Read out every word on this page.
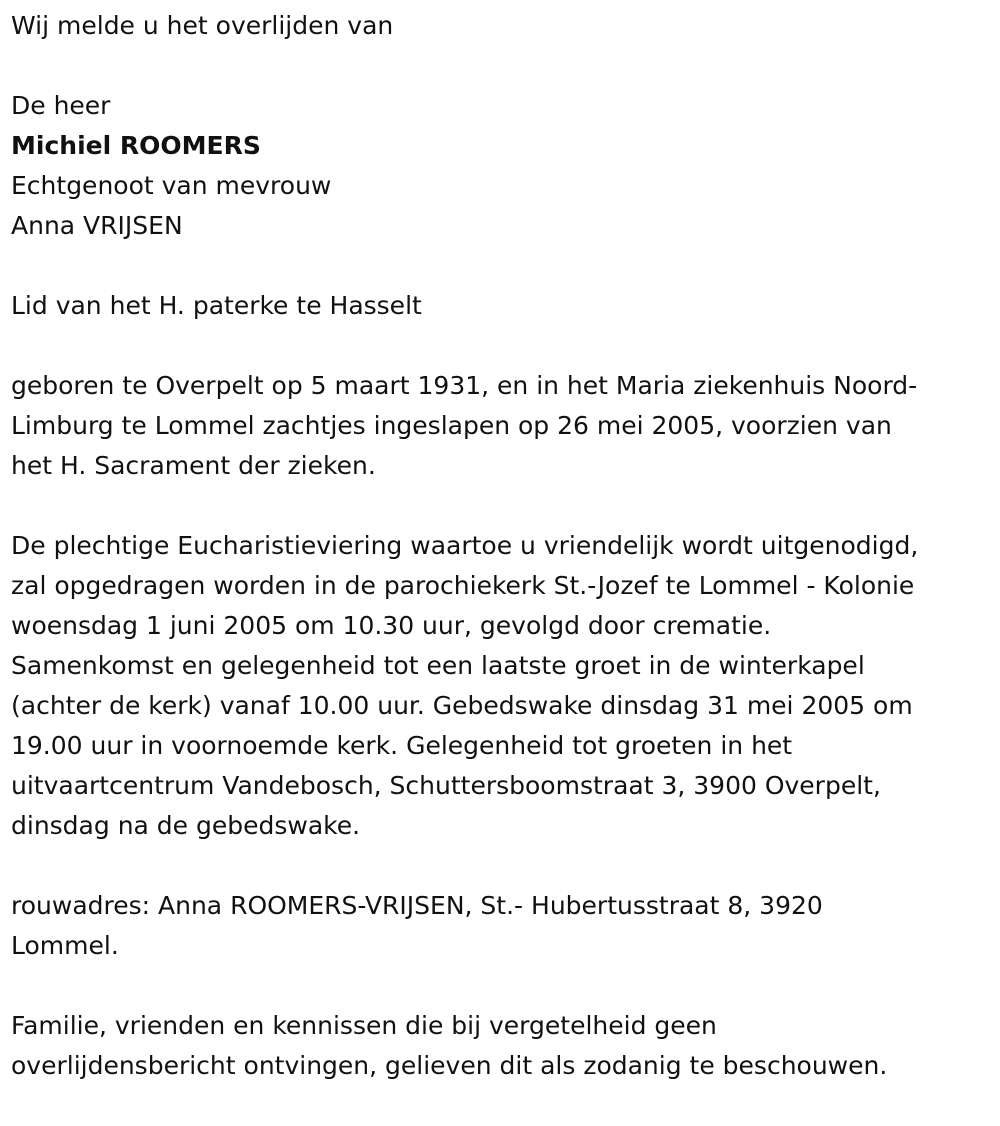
Wij melde u het overlijden van

De heer

Michiel ROOMERS

Echtgenoot van mevrouw

Anna VRIJSEN

Lid van het H. paterke te Hasselt

geboren te Overpelt op 5 maart 1931, en in het Maria ziekenhuis Noord-

Limburg te Lommel zachtjes ingeslapen op 26 mei 2005, voorzien van

het H. Sacrament der zieken.

De plechtige Eucharistieviering waartoe u vriendelijk wordt uitgenodigd,

zal opgedragen worden in de parochiekerk St.-Jozef te Lommel - Kolonie

woensdag 1 juni 2005 om 10.30 uur, gevolgd door crematie.

Samenkomst en gelegenheid tot een laatste groet in de winterkapel

(achter de kerk) vanaf 10.00 uur. Gebedswake dinsdag 31 mei 2005 om

19.00 uur in voornoemde kerk. Gelegenheid tot groeten in het

uitvaartcentrum Vandebosch, Schuttersboomstraat 3, 3900 Overpelt,

dinsdag na de gebedswake.

rouwadres: Anna ROOMERS-VRIJSEN, St.- Hubertusstraat 8, 3920

Lommel.

Familie, vrienden en kennissen die bij vergetelheid geen

overlijdensbericht ontvingen, gelieven dit als zodanig te beschouwen.
